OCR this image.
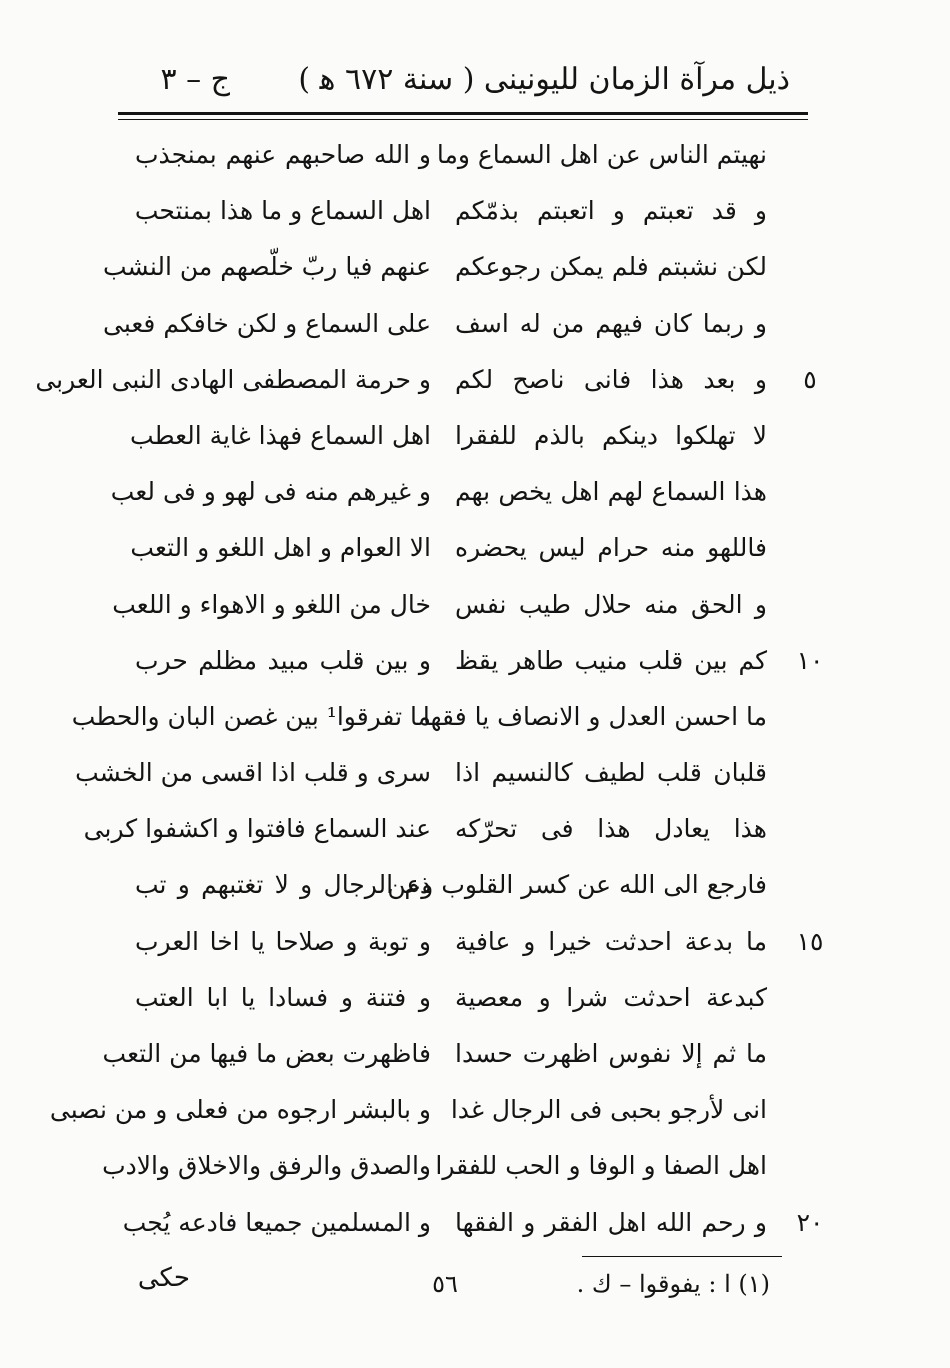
ذيل مرآة الزمان لليونينى ( سنة ٦٧٢ ﻫ )
ج – ٣
نهيتم الناس عن اهل السماع وما
و الله صاحبهم عنهم بمنجذب
و قد تعبتم و اتعبتم بذمّكم
اهل السماع و ما هذا بمنتحب
لكن نشبتم فلم يمكن رجوعكم
عنهم فيا ربّ خلّصهم من النشب
و ربما كان فيهم من له اسف
على السماع و لكن خافكم فعبى
٥
و بعد هذا فانى ناصح لكم
و حرمة المصطفى الهادى النبى العربى
لا تهلكوا دينكم بالذم للفقرا
اهل السماع فهذا غاية العطب
هذا السماع لهم اهل يخص بهم
و غيرهم منه فى لهو و فى لعب
فاللهو منه حرام ليس يحضره
الا العوام و اهل اللغو و التعب
و الحق منه حلال طيب نفس
خال من اللغو و الاهواء و اللعب
١٠
كم بين قلب منيب طاهر يقظ
و بين قلب مبيد مظلم حرب
ما احسن العدل و الانصاف يا فقها
ما تفرقوا¹ بين غصن البان والحطب
قلبان قلب لطيف كالنسيم اذا
سرى و قلب اذا اقسى من الخشب
هذا يعادل هذا فى تحرّكه
عند السماع فافتوا و اكشفوا كربى
فارجع الى الله عن كسر القلوب وعن
ذم الرجال و لا تغتبهم و تب
١٥
ما بدعة احدثت خيرا و عافية
و توبة و صلاحا يا اخا العرب
كبدعة احدثت شرا و معصية
و فتنة و فسادا يا ابا العتب
ما ثم إلا نفوس اظهرت حسدا
فاظهرت بعض ما فيها من التعب
انى لأرجو بحبى فى الرجال غدا
و بالبشر ارجوه من فعلى و من نصبى
اهل الصفا و الوفا و الحب للفقرا
والصدق والرفق والاخلاق والادب
٢٠
و رحم الله اهل الفقر و الفقها
و المسلمين جميعا فادعه يُجب
(١) ا : يفوقوا – ك .
٥٦
حكى
